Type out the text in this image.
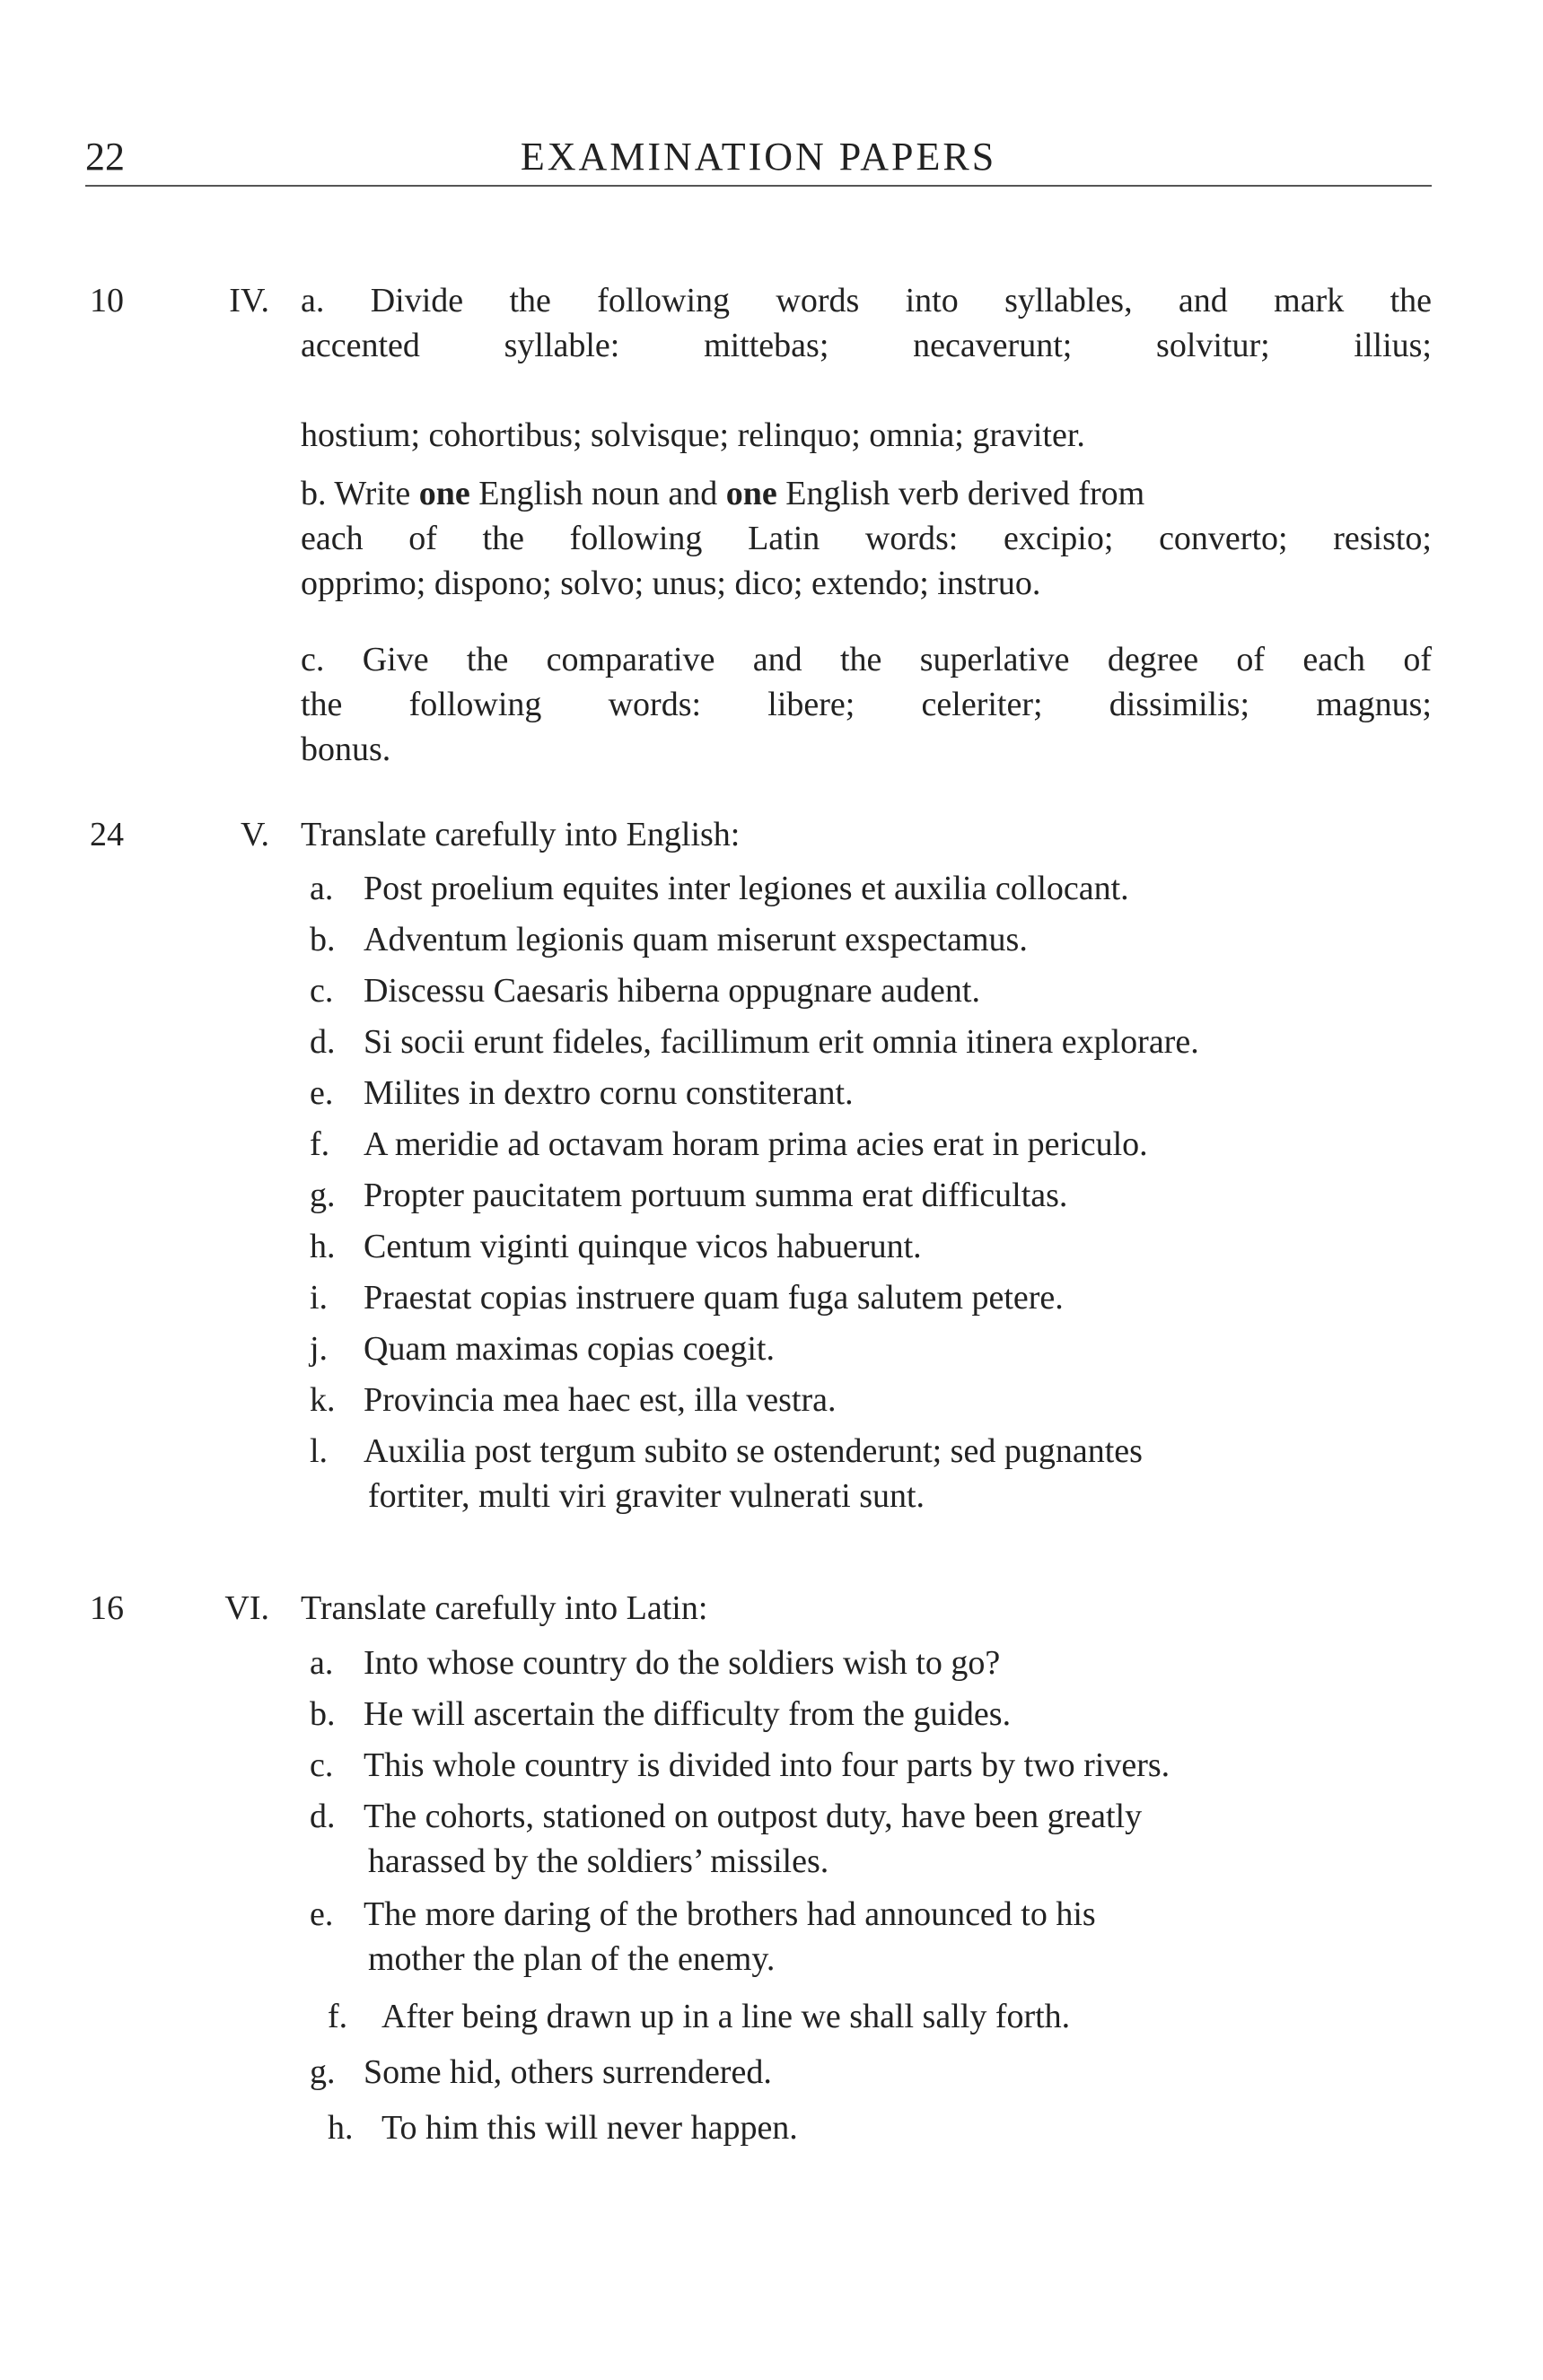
22	EXAMINATION PAPERS
10	IV. a. Divide the following words into syllables, and mark the
accented syllable: mittebas; necaverunt; solvitur; illius;
hostium; cohortibus; solvisque; relinquo; omnia; graviter.
b. Write one English noun and one English verb derived from
each of the following Latin words: excipio; converto; resisto;
opprimo; dispono; solvo; unus; dico; extendo; instruo.
c. Give the comparative and the superlative degree of each of
the following words: libere; celeriter; dissimilis; magnus;
bonus.
24	V. Translate carefully into English:
a. Post proelium equites inter legiones et auxilia collocant.
b. Adventum legionis quam miserunt exspectamus.
c. Discessu Caesaris hiberna oppugnare audent.
d. Si socii erunt fideles, facillimum erit omnia itinera explorare.
e. Milites in dextro cornu constiterant.
f. A meridie ad octavam horam prima acies erat in periculo.
g. Propter paucitatem portuum summa erat difficultas.
h. Centum viginti quinque vicos habuerunt.
i. Praestat copias instruere quam fuga salutem petere.
j. Quam maximas copias coegit.
k. Provincia mea haec est, illa vestra.
l. Auxilia post tergum subito se ostenderunt; sed pugnantes
fortiter, multi viri graviter vulnerati sunt.
16	VI. Translate carefully into Latin:
a. Into whose country do the soldiers wish to go?
b. He will ascertain the difficulty from the guides.
c. This whole country is divided into four parts by two rivers.
d. The cohorts, stationed on outpost duty, have been greatly
harassed by the soldiers’ missiles.
e. The more daring of the brothers had announced to his
mother the plan of the enemy.
f. After being drawn up in a line we shall sally forth.
g. Some hid, others surrendered.
h. To him this will never happen.
